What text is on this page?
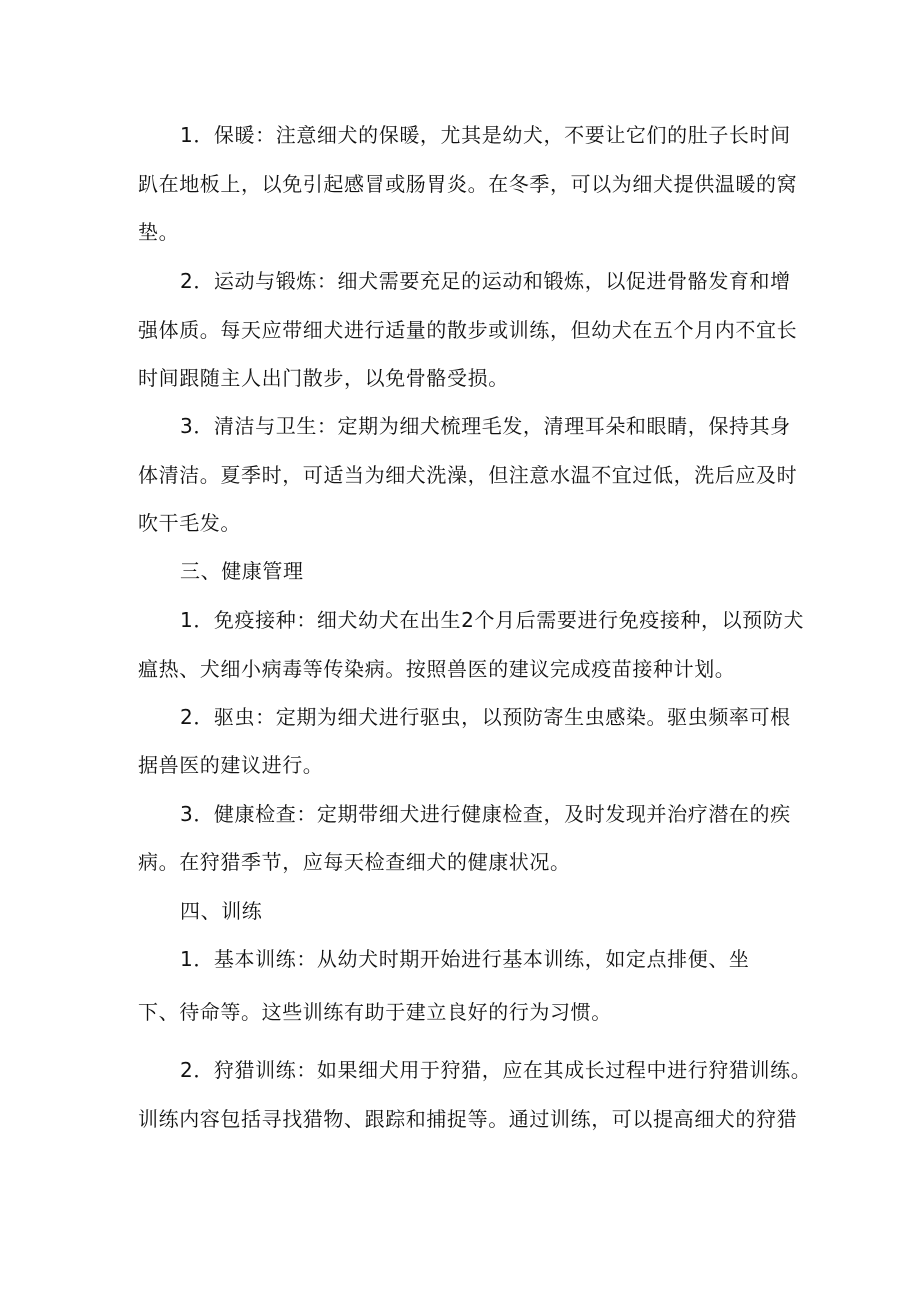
1．保暖：注意细犬的保暖，尤其是幼犬，不要让它们的肚子长时间
趴在地板上，以免引起感冒或肠胃炎。在冬季，可以为细犬提供温暖的窝
垫。
2．运动与锻炼：细犬需要充足的运动和锻炼，以促进骨骼发育和增
强体质。每天应带细犬进行适量的散步或训练，但幼犬在五个月内不宜长
时间跟随主人出门散步，以免骨骼受损。
3．清洁与卫生：定期为细犬梳理毛发，清理耳朵和眼睛，保持其身
体清洁。夏季时，可适当为细犬洗澡，但注意水温不宜过低，洗后应及时
吹干毛发。
三、健康管理
1．免疫接种：细犬幼犬在出生2个月后需要进行免疫接种，以预防犬
瘟热、犬细小病毒等传染病。按照兽医的建议完成疫苗接种计划。
2．驱虫：定期为细犬进行驱虫，以预防寄生虫感染。驱虫频率可根
据兽医的建议进行。
3．健康检查：定期带细犬进行健康检查，及时发现并治疗潜在的疾
病。在狩猎季节，应每天检查细犬的健康状况。
四、训练
1．基本训练：从幼犬时期开始进行基本训练，如定点排便、坐
下、待命等。这些训练有助于建立良好的行为习惯。
2．狩猎训练：如果细犬用于狩猎，应在其成长过程中进行狩猎训练。
训练内容包括寻找猎物、跟踪和捕捉等。通过训练，可以提高细犬的狩猎
